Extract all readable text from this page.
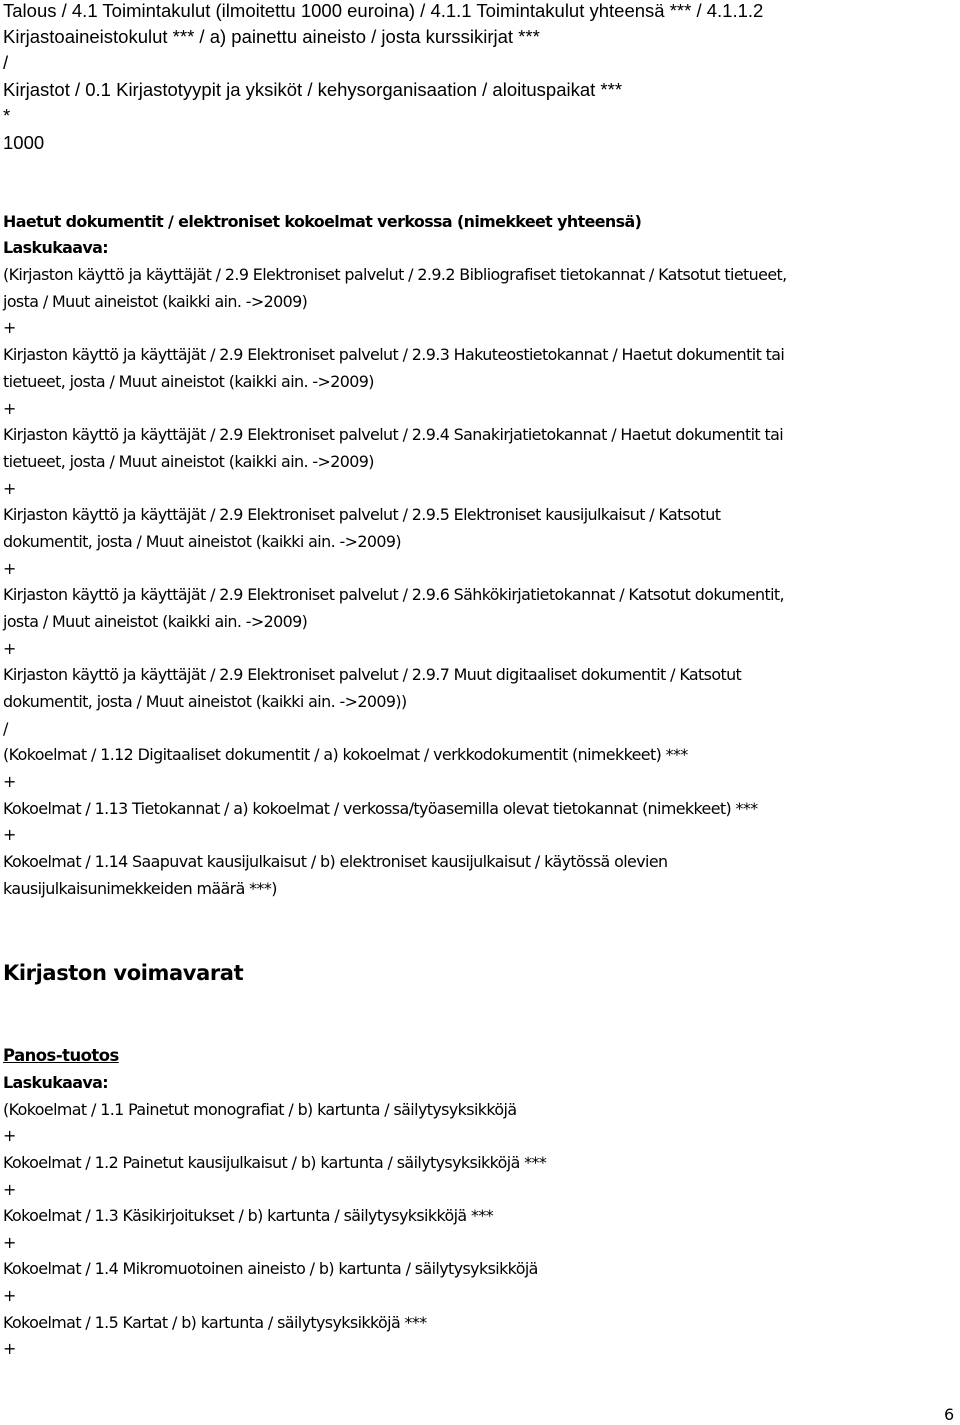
Talous / 4.1 Toimintakulut (ilmoitettu 1000 euroina) / 4.1.1 Toimintakulut yhteensä *** / 4.1.1.2
Kirjastoaineistokulut *** / a) painettu aineisto / josta kurssikirjat ***
/
Kirjastot / 0.1 Kirjastotyypit ja yksiköt / kehysorganisaation / aloituspaikat ***
*
1000
Haetut dokumentit / elektroniset kokoelmat verkossa (nimekkeet yhteensä)
Laskukaava:
(Kirjaston käyttö ja käyttäjät / 2.9 Elektroniset palvelut / 2.9.2 Bibliografiset tietokannat / Katsotut tietueet,
josta / Muut aineistot (kaikki ain. ->2009)
+
Kirjaston käyttö ja käyttäjät / 2.9 Elektroniset palvelut / 2.9.3 Hakuteostietokannat / Haetut dokumentit tai
tietueet, josta / Muut aineistot (kaikki ain. ->2009)
+
Kirjaston käyttö ja käyttäjät / 2.9 Elektroniset palvelut / 2.9.4 Sanakirjatietokannat / Haetut dokumentit tai
tietueet, josta / Muut aineistot (kaikki ain. ->2009)
+
Kirjaston käyttö ja käyttäjät / 2.9 Elektroniset palvelut / 2.9.5 Elektroniset kausijulkaisut / Katsotut
dokumentit, josta / Muut aineistot (kaikki ain. ->2009)
+
Kirjaston käyttö ja käyttäjät / 2.9 Elektroniset palvelut / 2.9.6 Sähkökirjatietokannat / Katsotut dokumentit,
josta / Muut aineistot (kaikki ain. ->2009)
+
Kirjaston käyttö ja käyttäjät / 2.9 Elektroniset palvelut / 2.9.7 Muut digitaaliset dokumentit / Katsotut
dokumentit, josta / Muut aineistot (kaikki ain. ->2009))
/
(Kokoelmat / 1.12 Digitaaliset dokumentit / a) kokoelmat / verkkodokumentit (nimekkeet) ***
+
Kokoelmat / 1.13 Tietokannat / a) kokoelmat / verkossa/työasemilla olevat tietokannat (nimekkeet) ***
+
Kokoelmat / 1.14 Saapuvat kausijulkaisut / b) elektroniset kausijulkaisut / käytössä olevien
kausijulkaisunimekkeiden määrä ***)
Kirjaston voimavarat
Panos-tuotos
Laskukaava:
(Kokoelmat / 1.1 Painetut monografiat / b) kartunta / säilytysyksikköjä
+
Kokoelmat / 1.2 Painetut kausijulkaisut / b) kartunta / säilytysyksikköjä ***
+
Kokoelmat / 1.3 Käsikirjoitukset / b) kartunta / säilytysyksikköjä ***
+
Kokoelmat / 1.4 Mikromuotoinen aineisto / b) kartunta / säilytysyksikköjä
+
Kokoelmat / 1.5 Kartat / b) kartunta / säilytysyksikköjä ***
+
6
